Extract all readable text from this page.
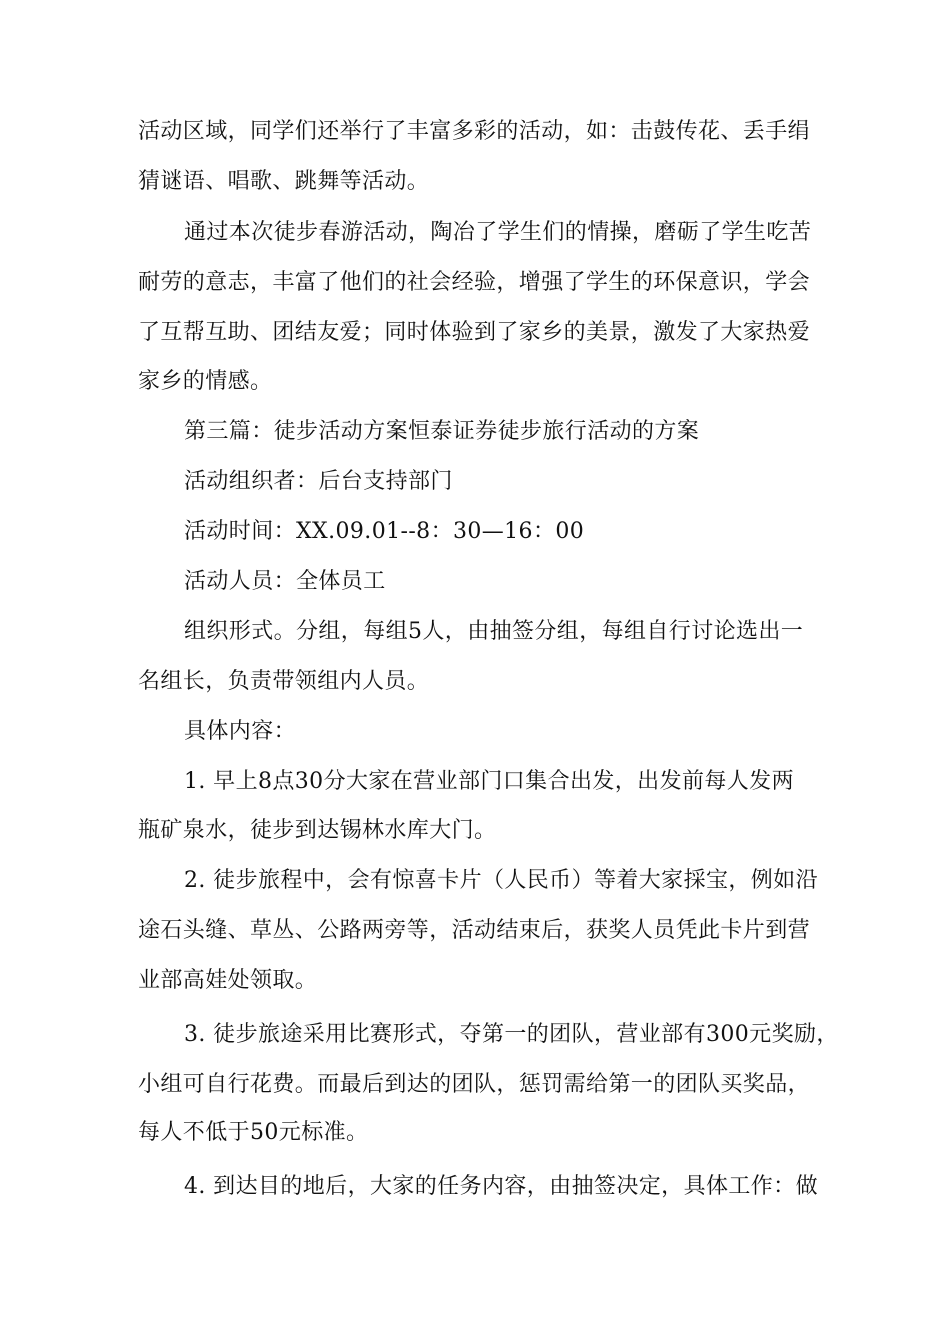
活动区域，同学们还举行了丰富多彩的活动，如：击鼓传花、丢手绢
猜谜语、唱歌、跳舞等活动。
通过本次徒步春游活动，陶冶了学生们的情操，磨砺了学生吃苦
耐劳的意志，丰富了他们的社会经验，增强了学生的环保意识，学会
了互帮互助、团结友爱；同时体验到了家乡的美景，激发了大家热爱
家乡的情感。
第三篇：徒步活动方案恒泰证券徒步旅行活动的方案
活动组织者：后台支持部门
活动时间：XX.09.01--8：30—16：00
活动人员：全体员工
组织形式。分组，每组5人，由抽签分组，每组自行讨论选出一
名组长，负责带领组内人员。
具体内容：
1. 早上8点30分大家在营业部门口集合出发，出发前每人发两
瓶矿泉水，徒步到达锡林水库大门。
2. 徒步旅程中，会有惊喜卡片（人民币）等着大家採宝，例如沿
途石头缝、草丛、公路两旁等，活动结束后，获奖人员凭此卡片到营
业部高娃处领取。
3. 徒步旅途采用比赛形式，夺第一的团队，营业部有300元奖励，
小组可自行花费。而最后到达的团队，惩罚需给第一的团队买奖品，
每人不低于50元标准。
4. 到达目的地后，大家的任务内容，由抽签决定，具体工作：做
